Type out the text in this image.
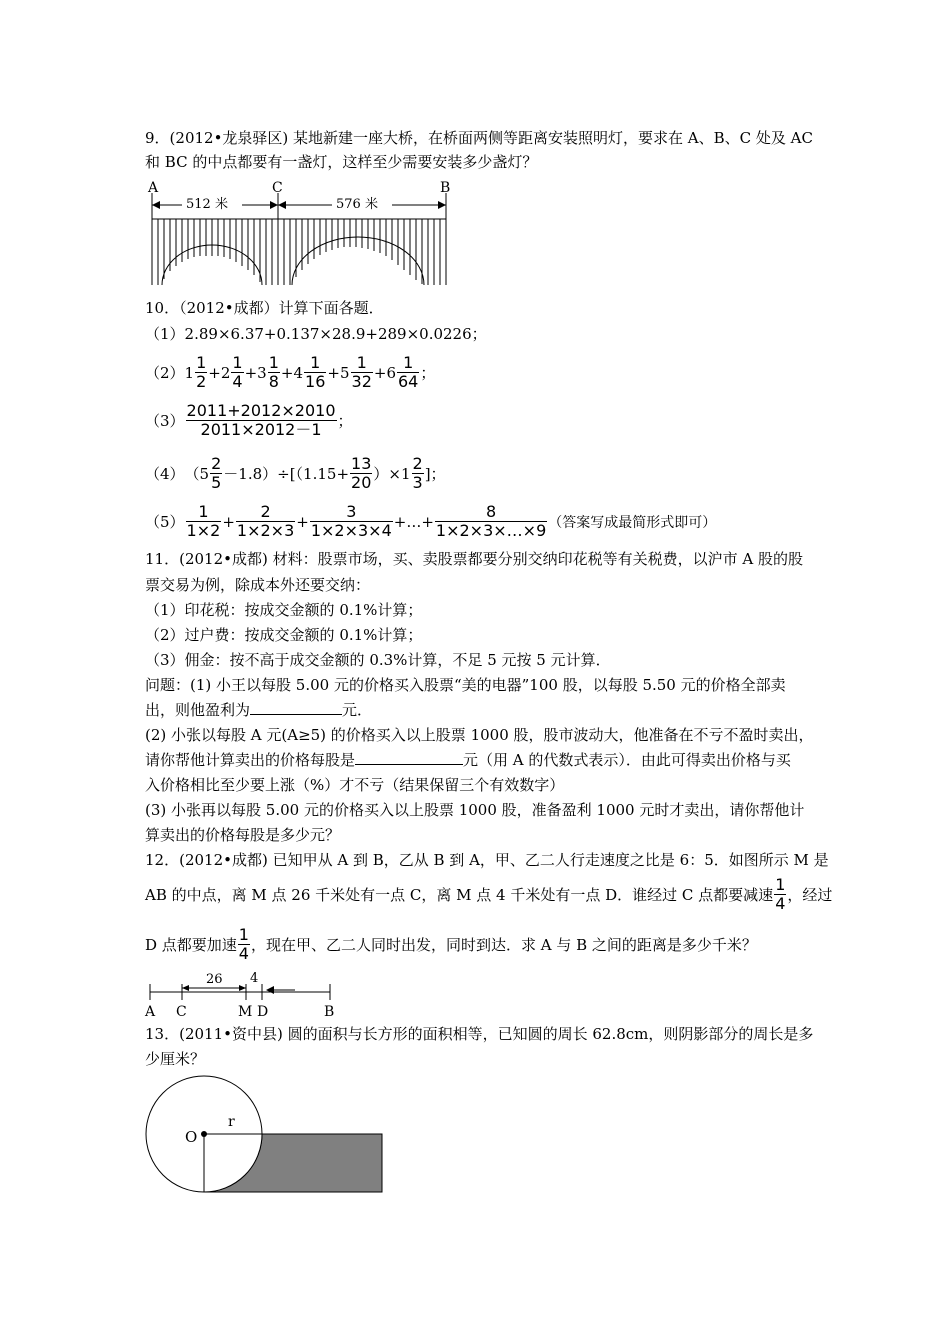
9．(2012•龙泉驿区) 某地新建一座大桥，在桥面两侧等距离安装照明灯，要求在 A、B、C 处及 AC
和 BC 的中点都要有一盏灯，这样至少需要安装多少盏灯？
A	C	B
512 米	576 米
10．（2012•成都）计算下面各题．
（1）2.89×6.37+0.137×28.9+289×0.0226；
（2） $1 \frac{1}{2} + 2 \frac{1}{4} + 3 \frac{1}{8} + 4 \frac{1}{16} +5 \frac{1}{32} +6 \frac{1}{64}$ ；
$(3) \frac{2011+2012\times 2010}{2011\times 2012-1}$ ；
（4） $(5 \frac{2}{5} -1.8)\div[(1.15+ \frac{13}{20} )\times 1 \frac{2}{3}$ ]；
$(5) \frac{1}{1\times 2} + \frac{2}{1\times 2\times 3} + \frac{3}{1\times 2\times 3\times 4}$ +…+ $\frac{8}{1\times 2\times 3\times\dots\times 9}$ （答案写成最简形式即可）
11．(2012•成都) 材料：股票市场，买、卖股票都要分别交纳印花税等有关税费，以沪市 A 股的股
票交易为例，除成本外还要交纳：
（1）印花税：按成交金额的 0.1%计算；
（2）过户费：按成交金额的 0.1%计算；
（3）佣金：按不高于成交金额的 0.3%计算，不足 5 元按 5 元计算．
问题：(1) 小王以每股 5.00 元的价格买入股票“美的电器”100 股，以每股 5.50 元的价格全部卖
出，则他盈利为	元．
(2) 小张以每股 A 元(A≥5) 的价格买入以上股票 1000 股，股市波动大，他准备在不亏不盈时卖出，
请你帮他计算卖出的价格每股是	元（用 A 的代数式表示）．由此可得卖出价格与买
入价格相比至少要上涨（%）才不亏（结果保留三个有效数字）
(3) 小张再以每股 5.00 元的价格买入以上股票 1000 股，准备盈利 1000 元时才卖出，请你帮他计
算卖出的价格每股是多少元？
12．(2012•成都) 已知甲从 A 到 B，乙从 B 到 A，甲、乙二人行走速度之比是 6：5．如图所示 M 是
AB 的中点，离 M 点 26 千米处有一点 C，离 M 点 4 千米处有一点 D．谁经过 C 点都要减速 $\frac{1}{4}$ ，经过
D 点都要加速 $\frac{1}{4}$ ，现在甲、乙二人同时出发，同时到达．求 A 与 B 之间的距离是多少千米？
26 4
A C	M D	B
13．(2011•资中县) 圆的面积与长方形的面积相等，已知圆的周长 62.8cm，则阴影部分的周长是多
少厘米？
O
r
